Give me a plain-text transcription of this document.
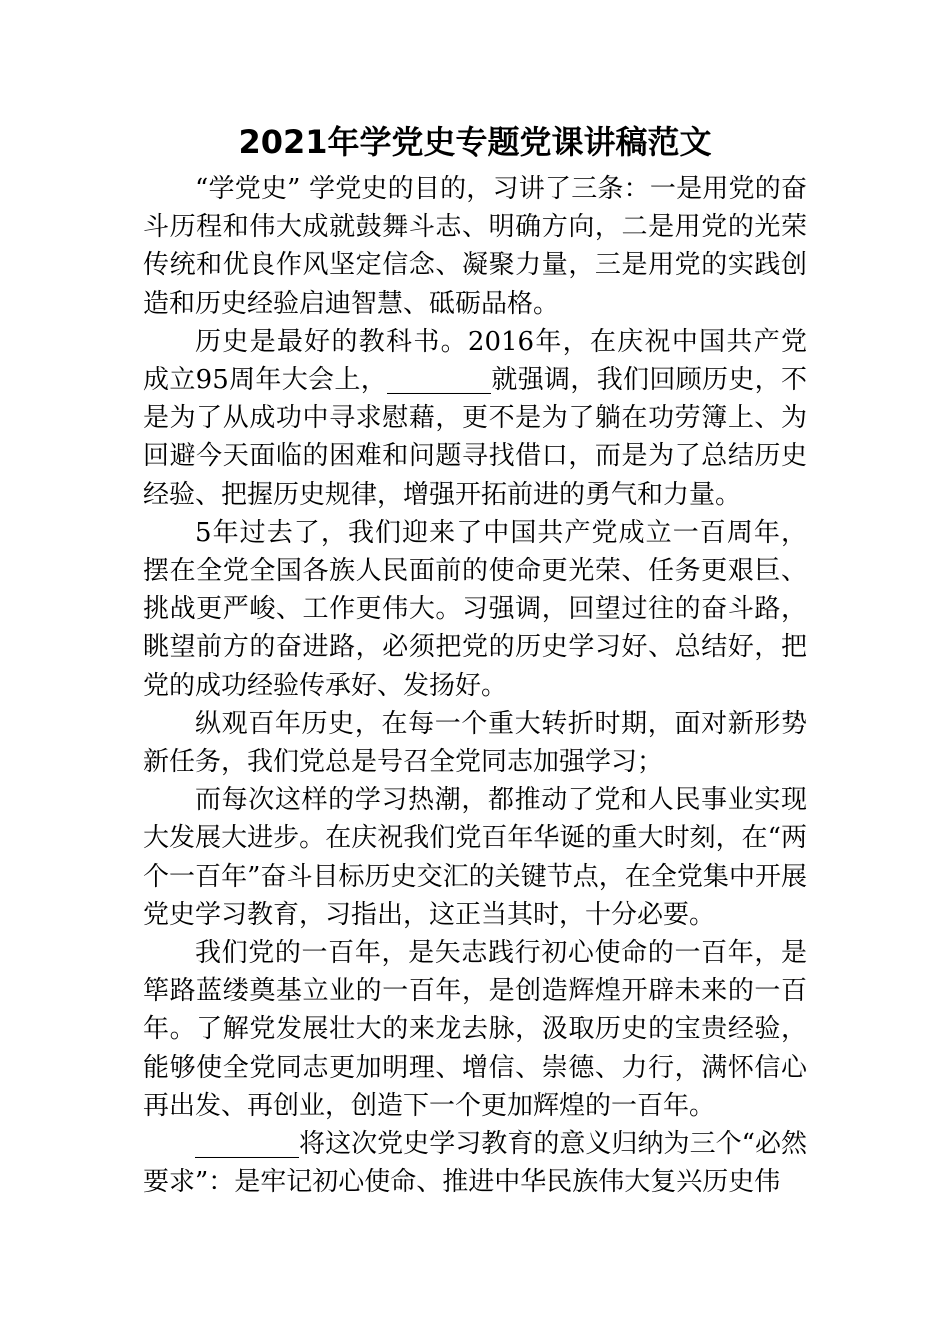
2021年学党史专题党课讲稿范文

“学党史” 学党史的目的，习讲了三条：一是用党的奋斗历程和伟大成就鼓舞斗志、明确方向，二是用党的光荣传统和优良作风坚定信念、凝聚力量，三是用党的实践创造和历史经验启迪智慧、砥砺品格。

历史是最好的教科书。2016年，在庆祝中国共产党成立95周年大会上，________就强调，我们回顾历史，不是为了从成功中寻求慰藉，更不是为了躺在功劳簿上、为回避今天面临的困难和问题寻找借口，而是为了总结历史经验、把握历史规律，增强开拓前进的勇气和力量。

5年过去了，我们迎来了中国共产党成立一百周年，摆在全党全国各族人民面前的使命更光荣、任务更艰巨、挑战更严峻、工作更伟大。习强调，回望过往的奋斗路，眺望前方的奋进路，必须把党的历史学习好、总结好，把党的成功经验传承好、发扬好。

纵观百年历史，在每一个重大转折时期，面对新形势新任务，我们党总是号召全党同志加强学习；

而每次这样的学习热潮，都推动了党和人民事业实现大发展大进步。在庆祝我们党百年华诞的重大时刻，在“两个一百年”奋斗目标历史交汇的关键节点，在全党集中开展党史学习教育，习指出，这正当其时，十分必要。

我们党的一百年，是矢志践行初心使命的一百年，是筚路蓝缕奠基立业的一百年，是创造辉煌开辟未来的一百年。了解党发展壮大的来龙去脉，汲取历史的宝贵经验，能够使全党同志更加明理、增信、崇德、力行，满怀信心再出发、再创业，创造下一个更加辉煌的一百年。

________将这次党史学习教育的意义归纳为三个“必然要求”：是牢记初心使命、推进中华民族伟大复兴历史伟
